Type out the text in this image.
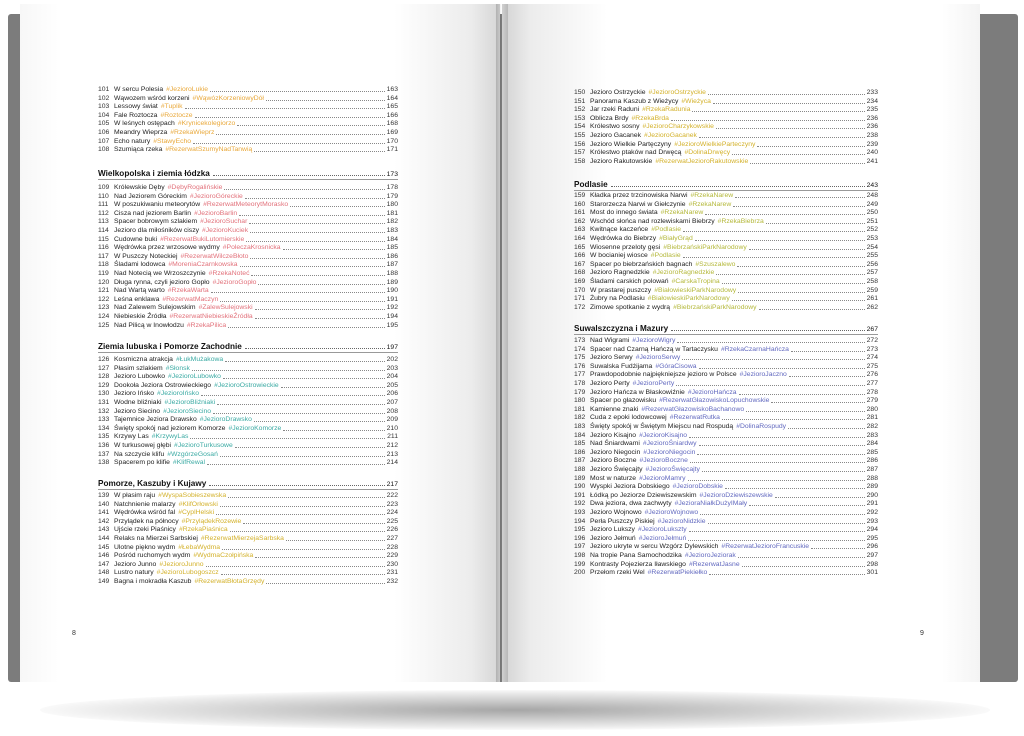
8
101 W sercu Polesia #JezioroLukie	163
102 Wąwozem wśród korzeni #WąwózKorzeniowyDół	164
103 Lessowy świat #Tuplik	165
104 Fale Roztocza #Roztocze	166
105 W leśnych ostępach #Krynicekolegiorzo	168
106 Meandry Wieprza #RzekaWieprz	169
107 Echo natury #StawyEcho	170
108 Szumiąca rzeka #RezerwatSzumyNadTanwią	171
Wielkopolska i ziemia łódzka	173
109 Królewskie Dęby #DębyRogalińskie	178
110 Nad Jeziorem Góreckim #JezioroGóreckie	179
111 W poszukiwaniu meteorytów #RezerwatMeteorytMorasko	180
112 Cisza nad jeziorem Barlin #JezioroBarlin	181
113 Spacer bobrowym szlakiem #JezioroSuchar	182
114 Jezioro dla miłośników ciszy #JezioroKuciek	183
115 Cudowne buki #RezerwatBukiLutomierskie	184
116 Wędrówka przez wrzosowe wydmy #PoleczaKrosnicka	185
117 W Puszczy Noteckiej #RezerwatWilczeBłoto	186
118 Śladami lodowca #MoreniaCzarnkowska	187
119 Nad Notecią we Wrzoszczynie #RzekaNoteć	188
120 Długa rynna, czyli jezioro Gopło #JezioroGopło	189
121 Nad Wartą warto #RzekaWarta	190
122 Leśna enklawa #RezerwatMaczyn	191
123 Nad Zalewem Sulejowskim #ZalewSulejowski	192
124 Niebieskie Źródła #RezerwatNiebieskieŹródła	194
125 Nad Pilicą w Inowłodzu #RzekaPilica	195
Ziemia lubuska i Pomorze Zachodnie	197
126 Kosmiczna atrakcja #ŁukMużakowa	202
127 Płasim szlakiem #Słonsk	203
128 Jezioro Lubowko #JezioroLubowko	204
129 Dookoła Jeziora Ostrowieckiego #JezioroOstrowieckie	205
130 Jezioro Ińsko #JezioroIńsko	206
131 Wodne bliźniaki #JezioroBliźniaki	207
132 Jezioro Siecino #JezioroSiecino	208
133 Tajemnice Jeziora Drawsko #JezioroDrawsko	209
134 Święty spokój nad jeziorem Komorze #JezioroKomorze	210
135 Krzywy Las #KrzywyLas	211
136 W turkusowej głębi #JezioroTurkusowe	212
137 Na szczycie klifu #WzgórzeGosań	213
138 Spacerem po klifie #KlifRewal	214
Pomorze, Kaszuby i Kujawy	217
139 W płasim raju #WyspaSobieszewska	222
140 Natchnienie malarzy #KlifOrłowski	223
141 Wędrówka wśród fal #CyplHelski	224
142 Przylądek na północy #PrzylądekRozewie	225
143 Ujście rzeki Piaśnicy #RzekaPiaśnica	226
144 Relaks na Mierzei Sarbskiej #RezerwatMierzejaSarbska	227
145 Ulotne piękno wydm #ŁebaWydma	228
146 Pośród ruchomych wydm #WydmaCzołpińska	229
147 Jezioro Junno #JezioroJunno	230
148 Lustro natury #JezioroLubogoszcz	231
149 Bagna i mokradła Kaszub #RezerwatBłotaGrzędy	232
9
150 Jezioro Ostrzyckie #JezioroOstrzyckie	233
151 Panorama Kaszub z Wieżycy #Wieżyca	234
152 Jar rzeki Raduni #RzekaRadunia	235
153 Oblicza Brdy #RzekaBrda	236
154 Królestwo sosny #JezioroCharzykowskie	236
155 Jezioro Gacanek #JezioroGacanek	238
156 Jezioro Wielkie Partęczyny #JezioroWielkieParteczyny	239
157 Królestwo ptaków nad Drwęcą #DolinaDrwęcy	240
158 Jezioro Rakutowskie #RezerwatJezioroRakutowskie	241
Podlasie	243
159 Kładka przez trzcinowiska Narwi #RzekaNarew	248
160 Starorzecza Narwi w Giełczynie #RzekaNarew	249
161 Most do innego świata #RzekaNarew	250
162 Wschód słońca nad rozlewiskami Biebrzy #RzekaBiebrza	251
163 Kwitnące kaczeńce #Podlasie	252
164 Wędrówka do Biebrzy #BiałyGrąd	253
165 Wiosenne przeloty gęsi #BiebrzańskiParkNarodowy	254
166 W bocianiej wiosce #Podlasie	255
167 Spacer po biebrzańskich bagnach #Szuszalewo	256
168 Jezioro Ragnedzkie #JezioroRagnedzkie	257
169 Śladami carskich polowań #CarskaTropina	258
170 W prastarej puszczy #BiałowieskiParkNarodowy	259
171 Żubry na Podlasiu #BiałowieskiParkNarodowy	261
172 Zimowe spotkanie z wydrą #BiebrzańskiParkNarodowy	262
Suwalszczyzna i Mazury	267
173 Nad Wigrami #JezioroWigry	272
174 Spacer nad Czarną Hańczą w Tartaczysku #RzekaCzarnaHańcza	273
175 Jezioro Serwy #JezioroSerwy	274
176 Suwalska Fudżijama #GóraCisowa	275
177 Prawdopodobnie najpiękniejsze jezioro w Polsce #JezioroJaczno	276
178 Jezioro Perty #JezioroPerty	277
179 Jezioro Hańcza w Błaskowiźnie #JezioroHańcza	278
180 Spacer po głazowisku #RezerwatGłazowiskoLopuchowskie	279
181 Kamienne znaki #RezerwatGłazowiskoBachanowo	280
182 Cuda z epoki lodowcowej #RezerwatRutka	281
183 Święty spokój w Świętym Miejscu nad Rospudą #DolinaRospudy	282
184 Jezioro Kisajno #JezioroKisajno	283
185 Nad Śniardwami #JezioroŚniardwy	284
186 Jezioro Niegocin #JezioroNiegocin	285
187 Jezioro Boczne #JezioroBoczne	286
188 Jezioro Święcajty #JezioroŚwięcajty	287
189 Most w naturze #JezioroMamry	288
190 Wyspki Jeziora Dobskiego #JezioroDobskie	289
191 Łódką po Jeziorze Dziewiszewskim #JezioroDziewiszewskie	290
192 Dwa jeziora, dwa zachwyty #JezioraNiałkDużyIMały	291
193 Jezioro Wojnowo #JezioroWojnowo	292
194 Perła Puszczy Piskiej #JezioroNidzkie	293
195 Jezioro Lukszy #JezioroLukszty	294
196 Jezioro Jełmuń #JezioroJełmuń	295
197 Jezioro ukryte w sercu Wzgórz Dylewskich #RezerwatJezioroFrancuskie	296
198 Na tropie Pana Samochodzika #JezioroJeziorak	297
199 Kontrasty Pojezierza Iławskiego #RezerwatJasne	298
200 Przełom rzeki Wel #RezerwatPiekiełko	301
